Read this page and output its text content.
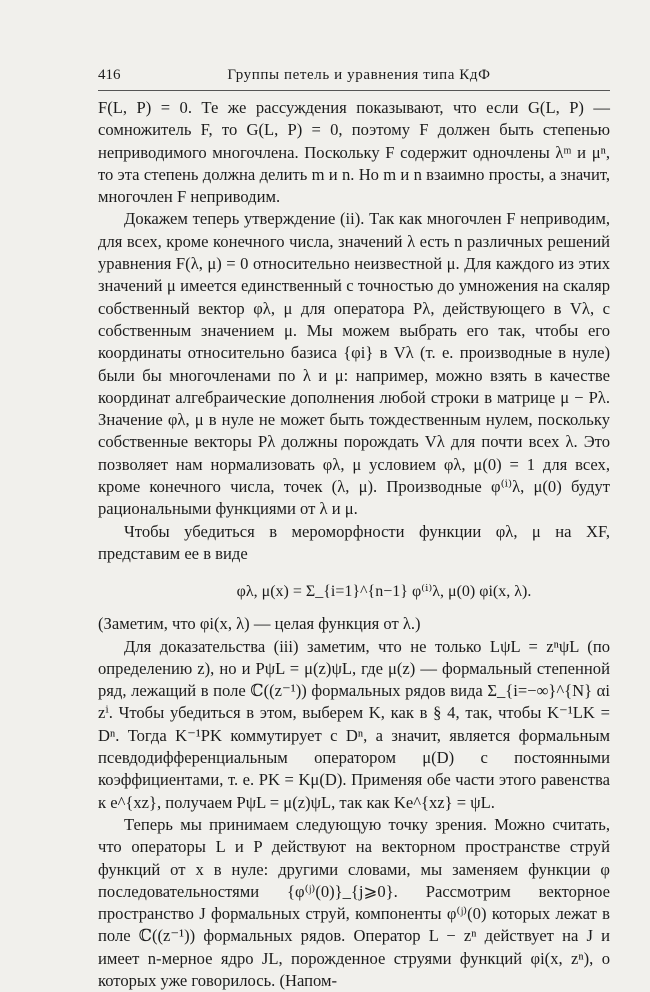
416	Группы петель и уравнения типа КдФ

F(L, P) = 0. Те же рассуждения показывают, что если G(L, P) — сомножитель F, то G(L, P) = 0, поэтому F должен быть степенью неприводимого многочлена. Поскольку F содержит одночлены λᵐ и μⁿ, то эта степень должна делить m и n. Но m и n взаимно просты, а значит, многочлен F неприводим.

Докажем теперь утверждение (ii). Так как многочлен F неприводим, для всех, кроме конечного числа, значений λ есть n различных решений уравнения F(λ, μ) = 0 относительно неизвестной μ. Для каждого из этих значений μ имеется единственный с точностью до умножения на скаляр собственный вектор φλ, μ для оператора Pλ, действующего в Vλ, с собственным значением μ. Мы можем выбрать его так, чтобы его координаты относительно базиса {φi} в Vλ (т. е. производные в нуле) были бы многочленами по λ и μ: например, можно взять в качестве координат алгебраические дополнения любой строки в матрице μ − Pλ. Значение φλ, μ в нуле не может быть тождественным нулем, поскольку собственные векторы Pλ должны порождать Vλ для почти всех λ. Это позволяет нам нормализовать φλ, μ условием φλ, μ(0) = 1 для всех, кроме конечного числа, точек (λ, μ). Производные φ⁽ⁱ⁾λ, μ(0) будут рациональными функциями от λ и μ.

Чтобы убедиться в мероморфности функции φλ, μ на XF, представим ее в виде

φλ, μ(x) = Σ_{i=1}^{n−1} φ⁽ⁱ⁾λ, μ(0) φi(x, λ).

(Заметим, что φi(x, λ) — целая функция от λ.)

Для доказательства (iii) заметим, что не только LψL = zⁿψL (по определению z), но и PψL = μ(z)ψL, где μ(z) — формальный степенной ряд, лежащий в поле ℂ((z⁻¹)) формальных рядов вида Σ_{i=−∞}^{N} αi zⁱ. Чтобы убедиться в этом, выберем K, как в § 4, так, чтобы K⁻¹LK = Dⁿ. Тогда K⁻¹PK коммутирует с Dⁿ, а значит, является формальным псевдодифференциальным оператором μ(D) с постоянными коэффициентами, т. е. PK = Kμ(D). Применяя обе части этого равенства к e^{xz}, получаем PψL = μ(z)ψL, так как Ke^{xz} = ψL.

Теперь мы принимаем следующую точку зрения. Можно считать, что операторы L и P действуют на векторном пространстве струй функций от x в нуле: другими словами, мы заменяем функции φ последовательностями {φ⁽ʲ⁾(0)}_{j⩾0}. Рассмотрим векторное пространство J формальных струй, компоненты φ⁽ʲ⁾(0) которых лежат в поле ℂ((z⁻¹)) формальных рядов. Оператор L − zⁿ действует на J и имеет n-мерное ядро JL, порожденное струями функций φi(x, zⁿ), о которых уже говорилось. (Напом-
